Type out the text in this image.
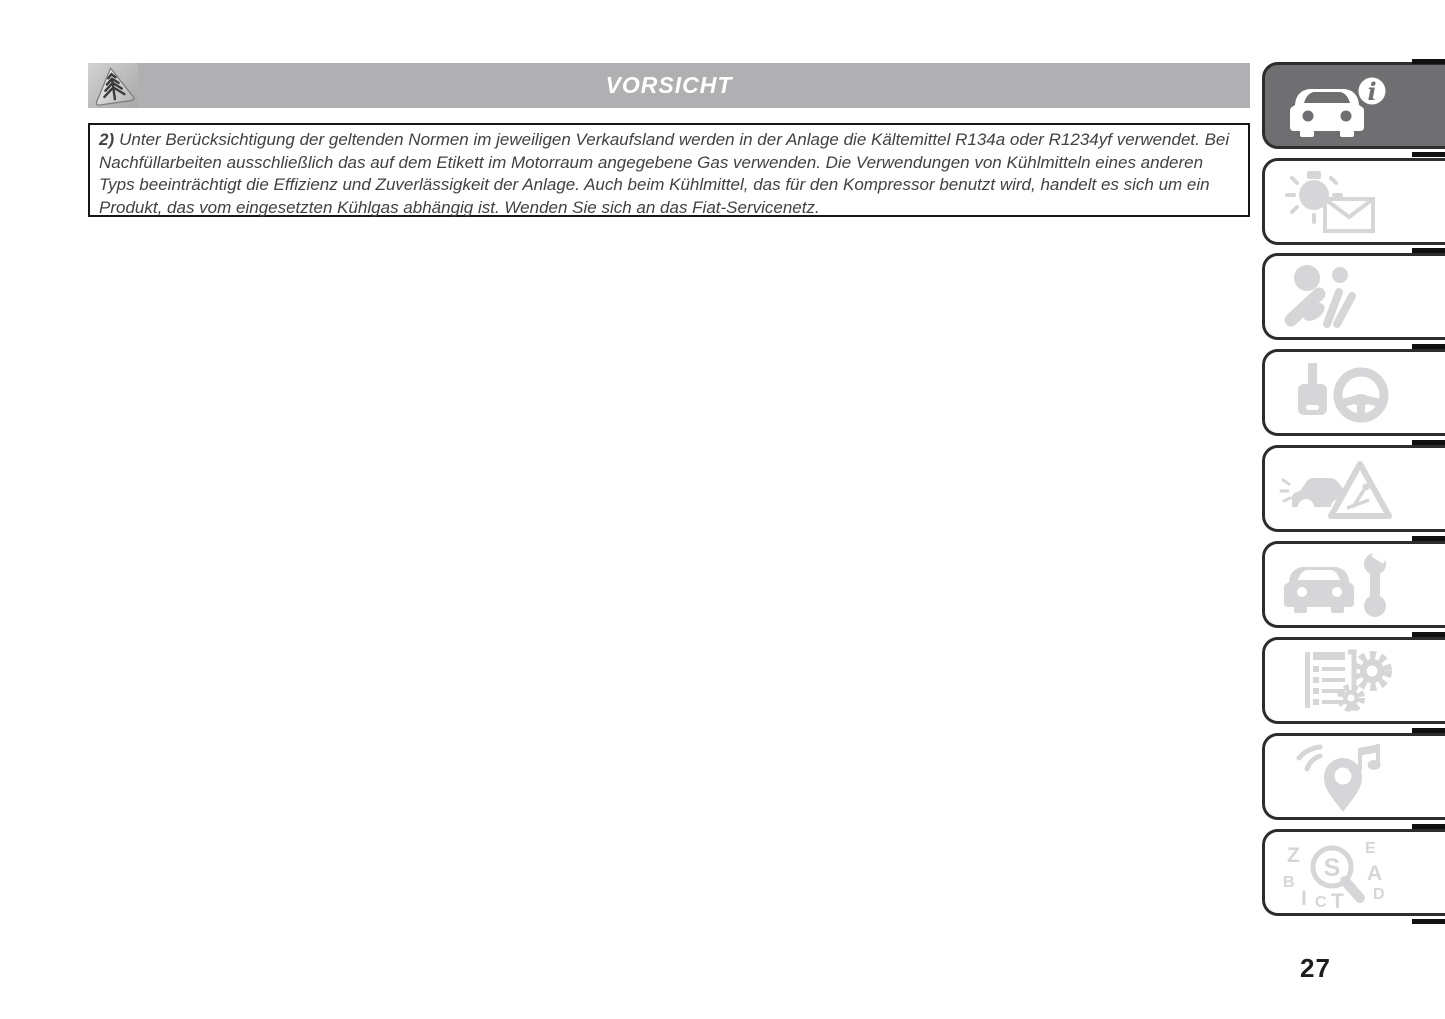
VORSICHT
2) Unter Berücksichtigung der geltenden Normen im jeweiligen Verkaufsland werden in der Anlage die Kältemittel R134a oder R1234yf verwendet. Bei Nachfüllarbeiten ausschließlich das auf dem Etikett im Motorraum angegebene Gas verwenden. Die Verwendungen von Kühlmitteln eines anderen Typs beeinträchtigt die Effizienz und Zuverlässigkeit der Anlage. Auch beim Kühlmittel, das für den Kompressor benutzt wird, handelt es sich um ein Produkt, das vom eingesetzten Kühlgas abhängig ist. Wenden Sie sich an das Fiat-Servicenetz.
i
Z	E
B	A
D
I C T
S
27
